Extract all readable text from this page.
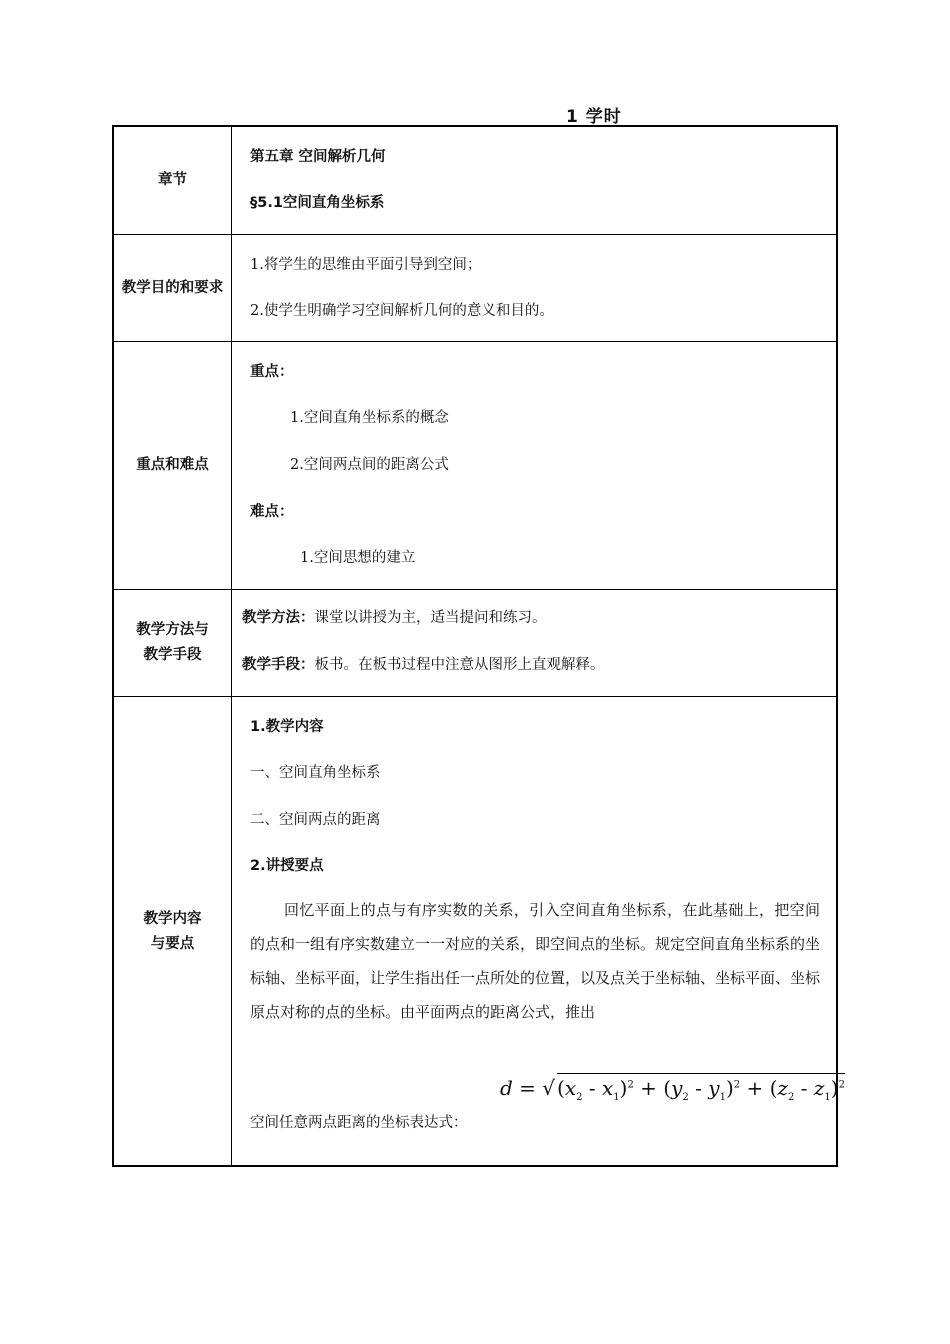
1 学时
章节
第五章 空间解析几何
§5.1空间直角坐标系
教学目的和要求
1.将学生的思维由平面引导到空间；
2.使学生明确学习空间解析几何的意义和目的。
重点和难点
重点：
1.空间直角坐标系的概念
2.空间两点间的距离公式
难点：
1.空间思想的建立
教学方法与
教学手段
教学方法：课堂以讲授为主，适当提问和练习。
教学手段：板书。在板书过程中注意从图形上直观解释。
教学内容
与要点
1.教学内容
一、空间直角坐标系
二、空间两点的距离
2.讲授要点
回忆平面上的点与有序实数的关系，引入空间直角坐标系，在此基础上，把空间的点和一组有序实数建立一一对应的关系，即空间点的坐标。规定空间直角坐标系的坐标轴、坐标平面，让学生指出任一点所处的位置，以及点关于坐标轴、坐标平面、坐标原点对称的点的坐标。由平面两点的距离公式，推出
d = √ $(x_2 - x_1)^2 + (y_2 - y_1)^2 + (z_2 - z_1)^2$
空间任意两点距离的坐标表达式：
